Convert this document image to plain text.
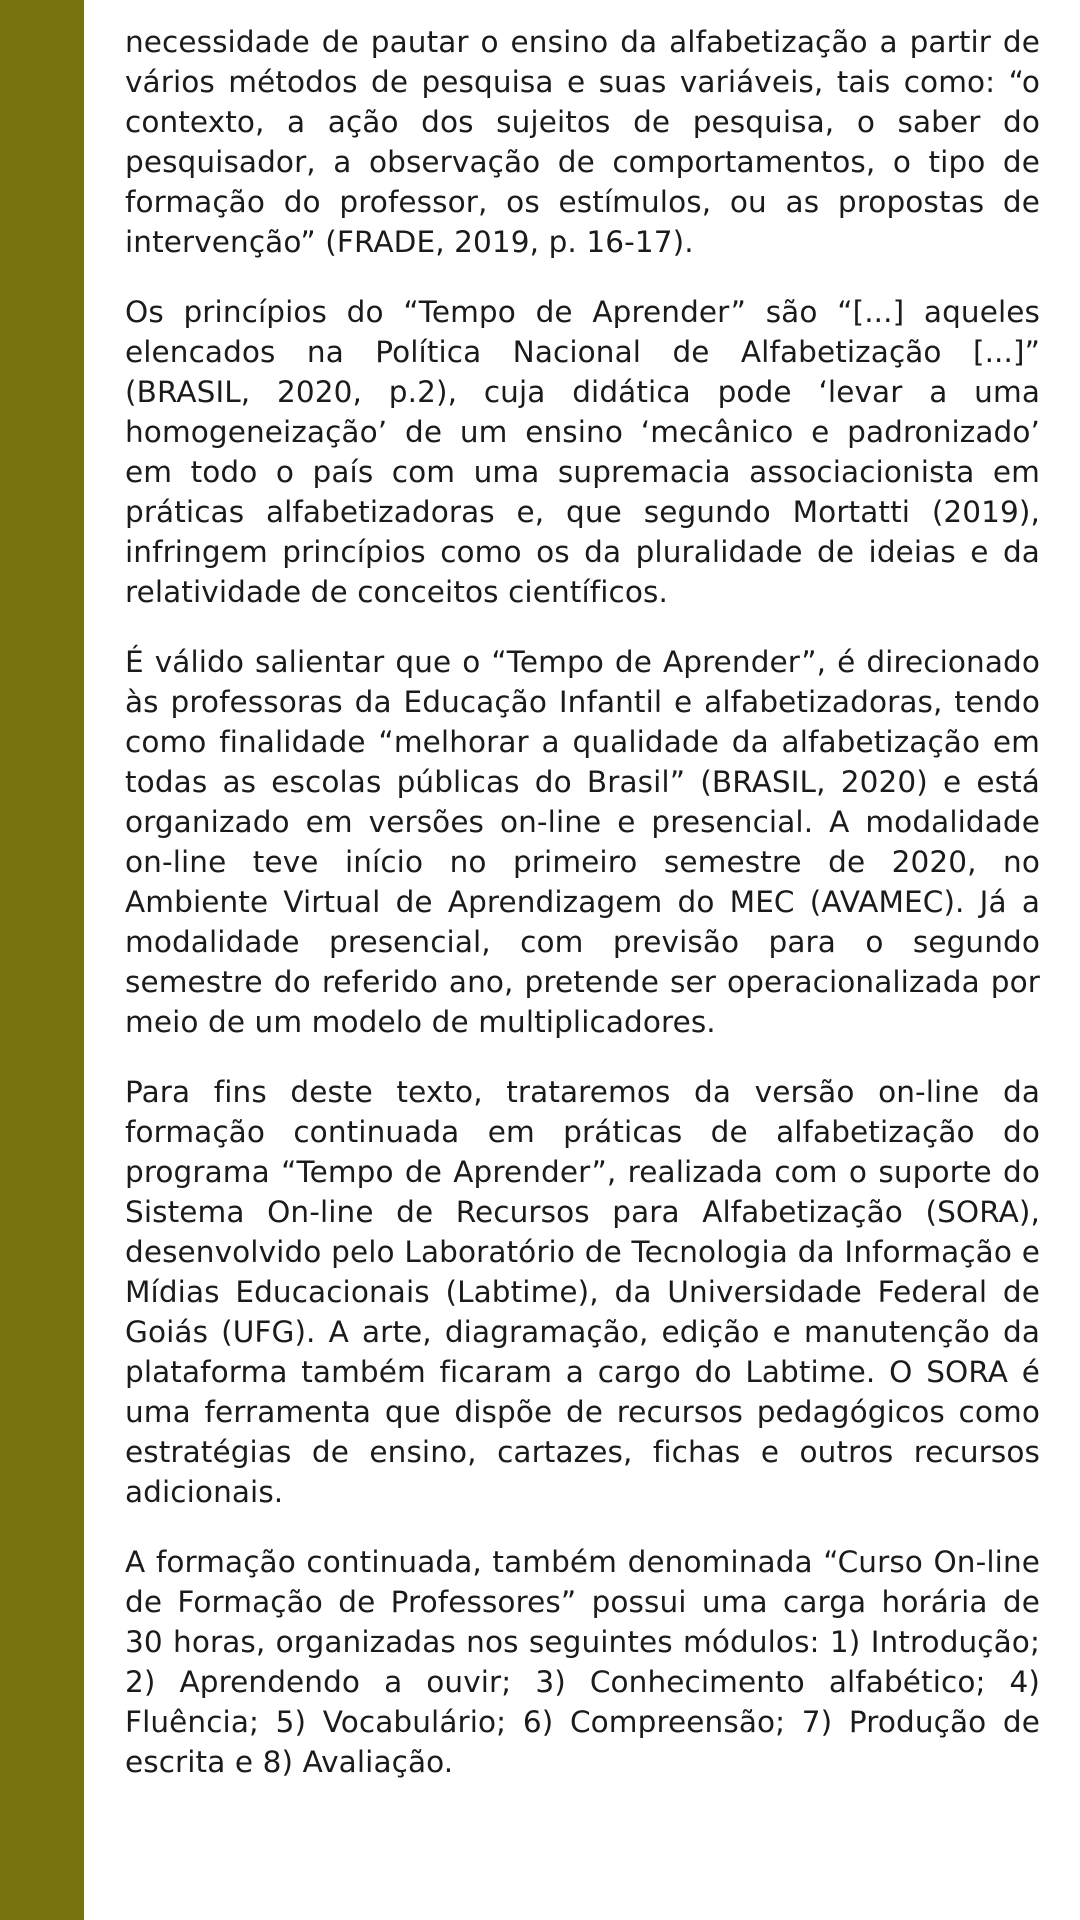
necessidade de pautar o ensino da alfabetização a partir de vários métodos de pesquisa e suas variáveis, tais como: “o contexto, a ação dos sujeitos de pesquisa, o saber do pesquisador, a observação de comportamentos, o tipo de formação do professor, os estímulos, ou as propostas de intervenção” (FRADE, 2019, p. 16-17).

Os princípios do “Tempo de Aprender” são “[...] aqueles elencados na Política Nacional de Alfabetização [...]” (BRASIL, 2020, p.2), cuja didática pode ‘levar a uma homogeneização’ de um ensino ‘mecânico e padronizado’ em todo o país com uma supremacia associacionista em práticas alfabetizadoras e, que segundo Mortatti (2019), infringem princípios como os da pluralidade de ideias e da relatividade de conceitos científicos.

É válido salientar que o “Tempo de Aprender”, é direcionado às professoras da Educação Infantil e alfabetizadoras, tendo como finalidade “melhorar a qualidade da alfabetização em todas as escolas públicas do Brasil” (BRASIL, 2020) e está organizado em versões on-line e presencial. A modalidade on-line teve início no primeiro semestre de 2020, no Ambiente Virtual de Aprendizagem do MEC (AVAMEC). Já a modalidade presencial, com previsão para o segundo semestre do referido ano, pretende ser operacionalizada por meio de um modelo de multiplicadores.

Para fins deste texto, trataremos da versão on-line da formação continuada em práticas de alfabetização do programa “Tempo de Aprender”, realizada com o suporte do Sistema On-line de Recursos para Alfabetização (SORA), desenvolvido pelo Laboratório de Tecnologia da Informação e Mídias Educacionais (Labtime), da Universidade Federal de Goiás (UFG). A arte, diagramação, edição e manutenção da plataforma também ficaram a cargo do Labtime. O SORA é uma ferramenta que dispõe de recursos pedagógicos como estratégias de ensino, cartazes, fichas e outros recursos adicionais.

A formação continuada, também denominada “Curso On-line de Formação de Professores” possui uma carga horária de 30 horas, organizadas nos seguintes módulos: 1) Introdução; 2) Aprendendo a ouvir; 3) Conhecimento alfabético; 4) Fluência; 5) Vocabulário; 6) Compreensão; 7) Produção de escrita e 8) Avaliação.
